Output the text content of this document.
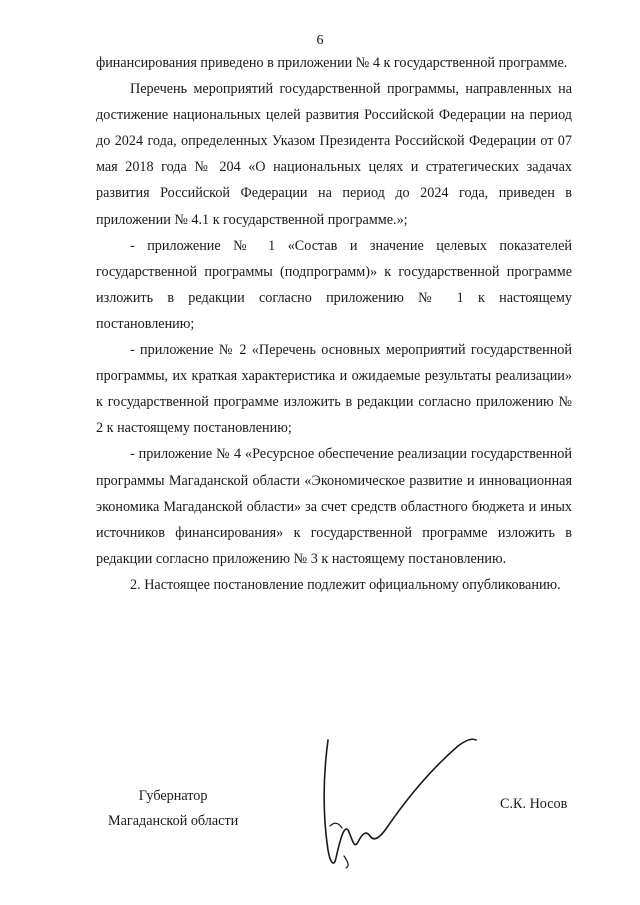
6

финансирования приведено в приложении № 4 к государственной программе.

Перечень мероприятий государственной программы, направленных на достижение национальных целей развития Российской Федерации на период до 2024 года, определенных Указом Президента Российской Федерации от 07 мая 2018 года № 204 «О национальных целях и стратегических задачах развития Российской Федерации на период до 2024 года, приведен в приложении № 4.1 к государственной программе.»;

- приложение № 1 «Состав и значение целевых показателей государственной программы (подпрограмм)» к государственной программе изложить в редакции согласно приложению № 1 к настоящему постановлению;

- приложение № 2 «Перечень основных мероприятий государственной программы, их краткая характеристика и ожидаемые результаты реализации» к государственной программе изложить в редакции согласно приложению № 2 к настоящему постановлению;

- приложение № 4 «Ресурсное обеспечение реализации государственной программы Магаданской области «Экономическое развитие и инновационная экономика Магаданской области» за счет средств областного бюджета и иных источников финансирования» к государственной программе изложить в редакции согласно приложению № 3 к настоящему постановлению.

2. Настоящее постановление подлежит официальному опубликованию.

Губернатор
Магаданской области
С.К. Носов
